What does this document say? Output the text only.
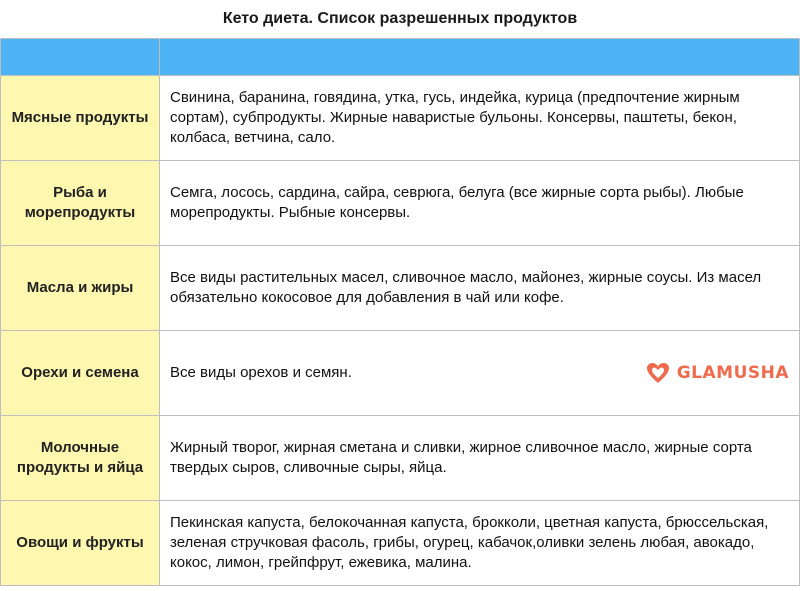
Кето диета. Список разрешенных продуктов

Мясные продукты	Свинина, баранина, говядина, утка, гусь, индейка, курица (предпочтение жирным сортам), субпродукты. Жирные наваристые бульоны. Консервы, паштеты, бекон, колбаса, ветчина, сало.
Рыба и морепродукты	Семга, лосось, сардина, сайра, севрюга, белуга (все жирные сорта рыбы). Любые морепродукты. Рыбные консервы.
Масла и жиры	Все виды растительных масел, сливочное масло, майонез, жирные соусы. Из масел обязательно кокосовое для добавления в чай или кофе.
Орехи и семена	Все виды орехов и семян. GLAMUSHA

Молочные продукты и яйца	Жирный творог, жирная сметана и сливки, жирное сливочное масло, жирные сорта твердых сыров, сливочные сыры, яйца.
Овощи и фрукты	Пекинская капуста, белокочанная капуста, брокколи, цветная капуста, брюссельская, зеленая стручковая фасоль, грибы, огурец, кабачок,оливки зелень любая, авокадо, кокос, лимон, грейпфрут, ежевика, малина.
